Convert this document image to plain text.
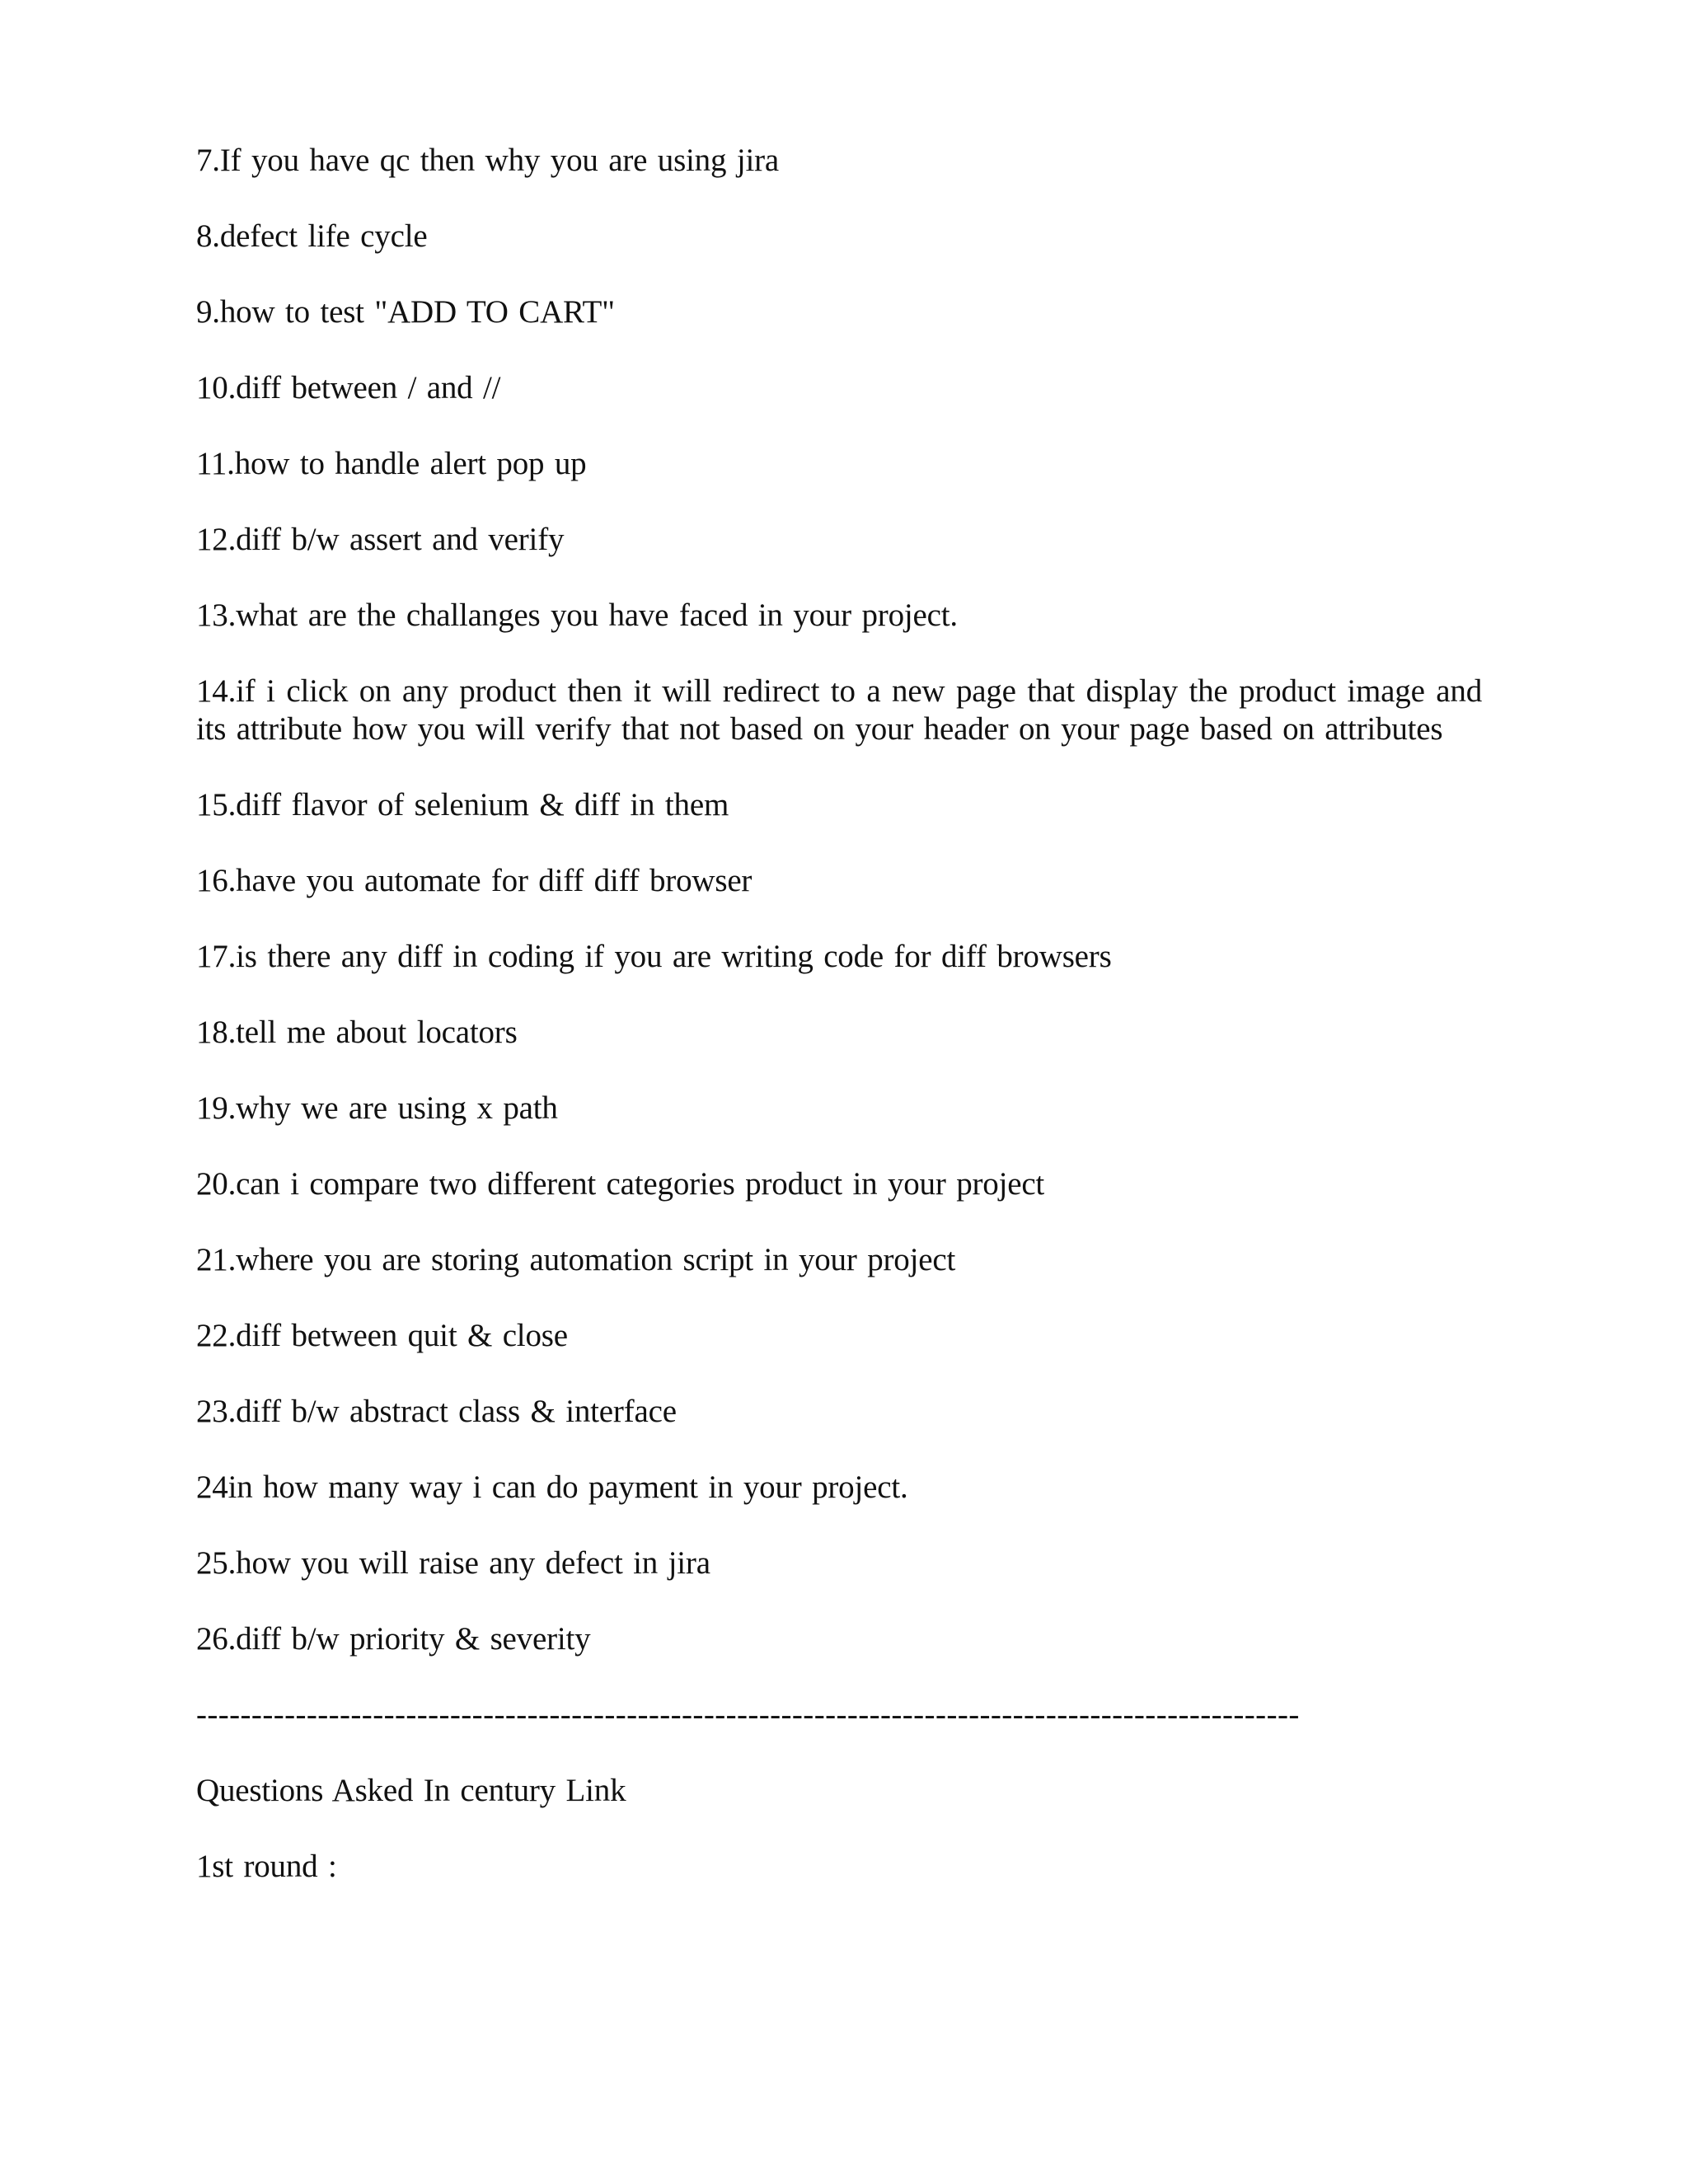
7.If you have qc then why you are using jira

8.defect life cycle

9.how to test "ADD TO CART"

10.diff between / and //

11.how to handle alert pop up

12.diff b/w assert and verify

13.what are the challanges you have faced in your project.

14.if i click on any product then it will redirect to a new page that display the product image and its attribute how you will verify that not based on your header on your page based on attributes

15.diff flavor of selenium & diff in them

16.have you automate for diff diff browser

17.is there any diff in coding if you are writing code for diff browsers

18.tell me about locators

19.why we are using x path

20.can i compare two different categories product in your project

21.where you are storing automation script in your project

22.diff between quit & close

23.diff b/w abstract class & interface

24in how many way i can do payment in your project.

25.how you will raise any defect in jira

26.diff b/w priority & severity

----------------------------------------------------------------------------------------------------

Questions Asked In century Link

1st round :
